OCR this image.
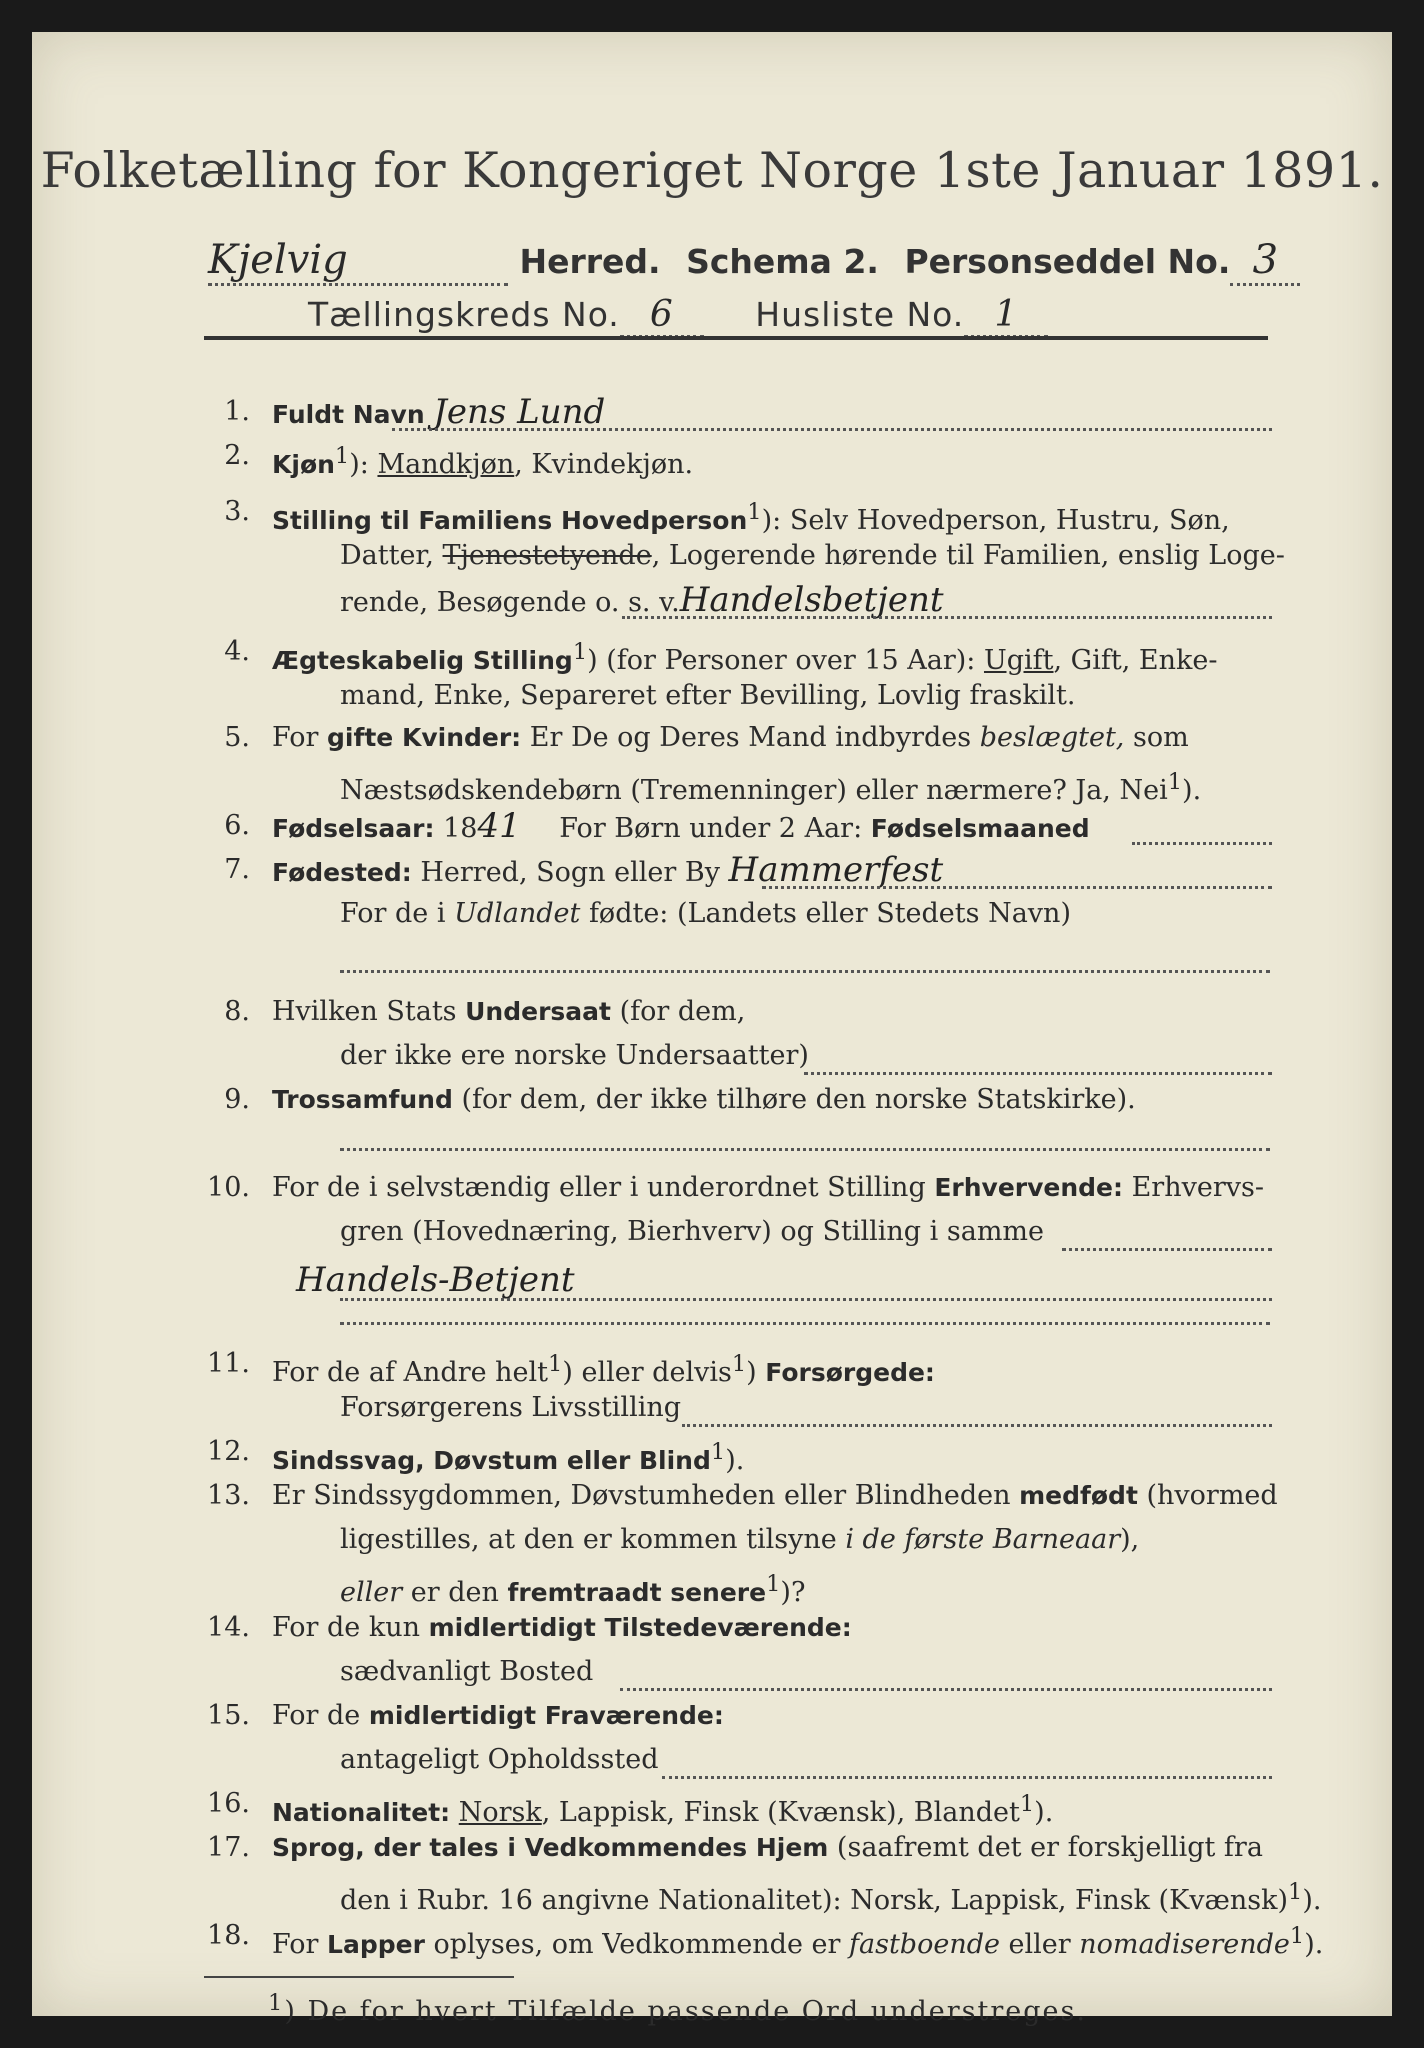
Folketælling for Kongeriget Norge 1ste Januar 1891.
Kjelvig	Herred. Schema 2. Personseddel No. 3
Tællingskreds No. 6 Husliste No. 1
1. Fuldt Navn Jens Lund
2. Kjøn$^1$): Mandkjøn, Kvindekjøn.
3. Stilling til Familiens Hovedperson$^1$): Selv Hovedperson, Hustru, Søn,
Datter, Tjenestetyende, Logerende hørende til Familien, enslig Loge-
rende, Besøgende o. s. v.Handelsbetjent
4. Ægteskabelig Stilling$^1$) (for Personer over 15 Aar): Ugift, Gift, Enke-
mand, Enke, Separeret efter Bevilling, Lovlig fraskilt.
5. For gifte Kvinder: Er De og Deres Mand indbyrdes beslægtet, som
Næstsødskendebørn (Tremenninger) eller nærmere? Ja, Nei$^1$).
6. Fødselsaar: 1841 For Børn under 2 Aar: Fødselsmaaned
7. Fødested: Herred, Sogn eller By Hammerfest
For de i Udlandet fødte: (Landets eller Stedets Navn)
8. Hvilken Stats Undersaat (for dem,
der ikke ere norske Undersaatter)
9. Trossamfund (for dem, der ikke tilhøre den norske Statskirke).
10. For de i selvstændig eller i underordnet Stilling Erhvervende: Erhvervs-
gren (Hovednæring, Bierhverv) og Stilling i samme
Handels-Betjent
11. For de af Andre helt$^1$) eller delvis$^1$) Forsørgede:
Forsørgerens Livsstilling
12. Sindssvag, Døvstum eller Blind$^1$).
13. Er Sindssygdommen, Døvstumheden eller Blindheden medfødt (hvormed
ligestilles, at den er kommen tilsyne i de første Barneaar),
eller er den fremtraadt senere$^1$)?
14. For de kun midlertidigt Tilstedeværende:
sædvanligt Bosted
15. For de midlertidigt Fraværende:
antageligt Opholdssted
16. Nationalitet: Norsk, Lappisk, Finsk (Kvænsk), Blandet$^1$).
17. Sprog, der tales i Vedkommendes Hjem (saafremt det er forskjelligt fra
den i Rubr. 16 angivne Nationalitet): Norsk, Lappisk, Finsk (Kvænsk)$^1$).
18. For Lapper oplyses, om Vedkommende er fastboende eller nomadiserende$^1$).
$^1$) De for hvert Tilfælde passende Ord understreges.
